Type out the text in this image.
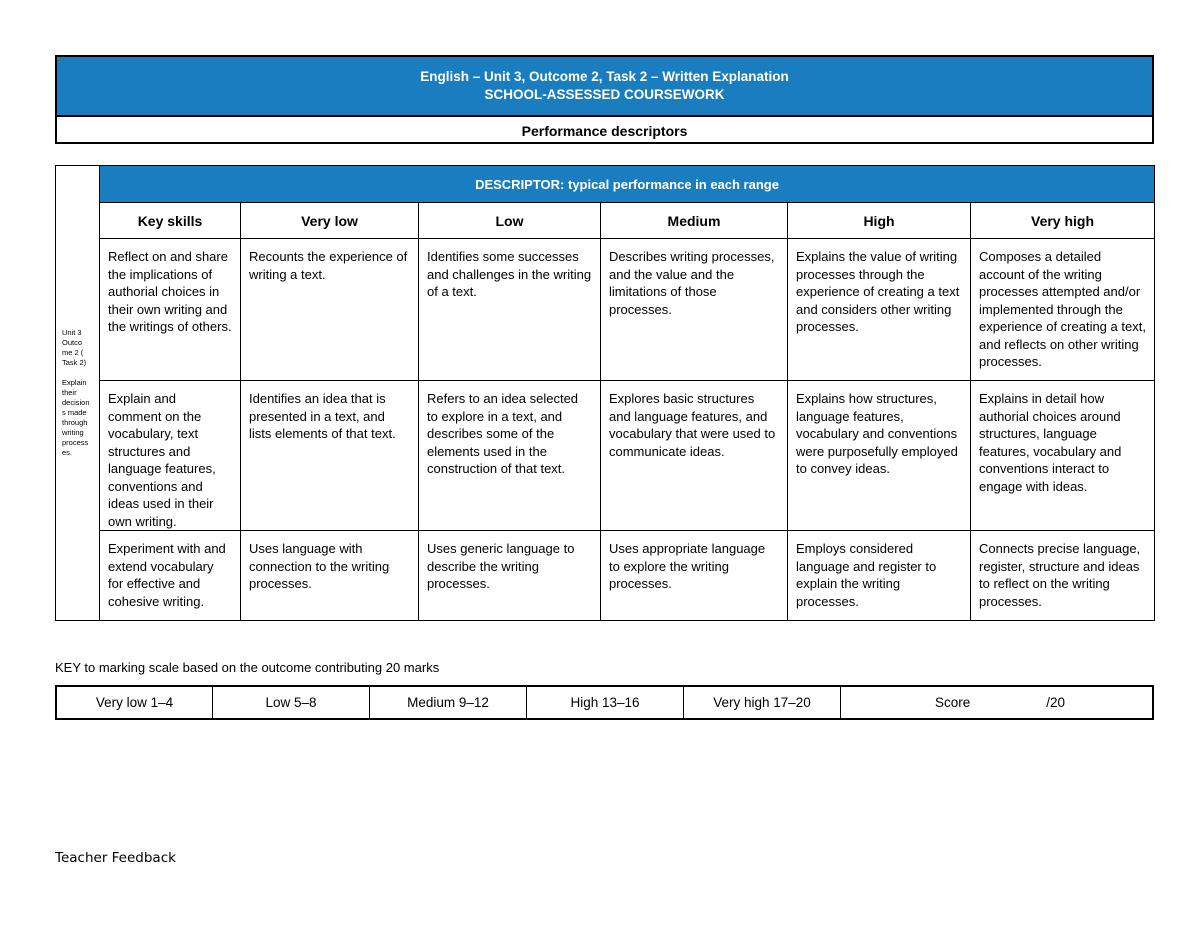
English – Unit 3, Outcome 2, Task 2 – Written Explanation
SCHOOL-ASSESSED COURSEWORK
Performance descriptors
Unit 3 Outco me 2 ( Task 2)
Explain their decision s made through writing process es.	DESCRIPTOR: typical performance in each range					
	Key skills	Very low	Low	Medium	High	Very high
	Reflect on and share the implications of authorial choices in their own writing and the writings of others.	Recounts the experience of writing a text.	Identifies some successes and challenges in the writing of a text.	Describes writing processes, and the value and the limitations of those processes.	Explains the value of writing processes through the experience of creating a text and considers other writing processes.	Composes a detailed account of the writing processes attempted and/or implemented through the experience of creating a text, and reflects on other writing processes.
	Explain and comment on the vocabulary, text structures and language features, conventions and ideas used in their own writing.	Identifies an idea that is presented in a text, and lists elements of that text.	Refers to an idea selected to explore in a text, and describes some of the elements used in the construction of that text.	Explores basic structures and language features, and vocabulary that were used to communicate ideas.	Explains how structures, language features, vocabulary and conventions were purposefully employed to convey ideas.	Explains in detail how authorial choices around structures, language features, vocabulary and conventions interact to engage with ideas.
	Experiment with and extend vocabulary for effective and cohesive writing.	Uses language with connection to the writing processes.	Uses generic language to describe the writing processes.	Uses appropriate language to explore the writing processes.	Employs considered language and register to explain the writing processes.	Connects precise language, register, structure and ideas to reflect on the writing processes.
KEY to marking scale based on the outcome contributing 20 marks
Very low 1–4	Low 5–8	Medium 9–12	High 13–16	Very high 17–20	Score	/20
Teacher Feedback
